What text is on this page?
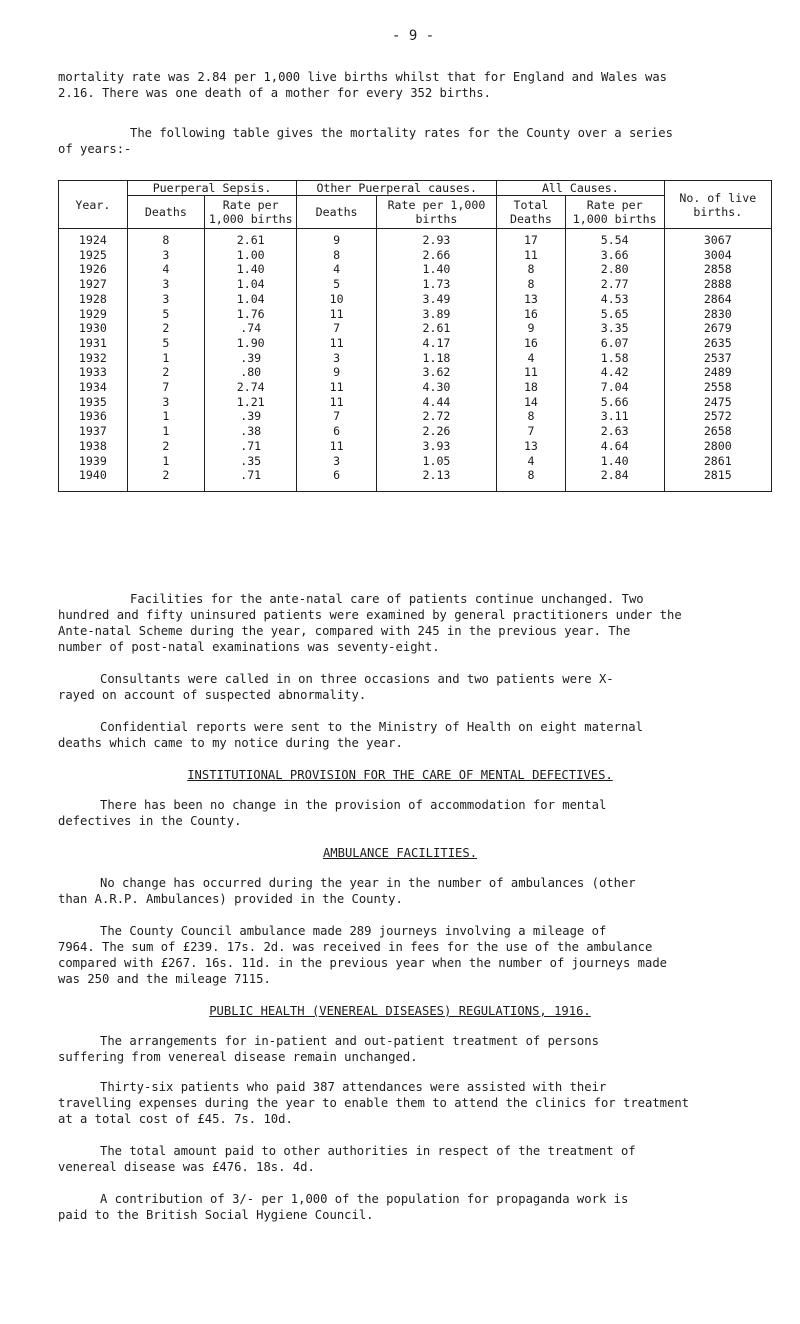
- 9 -

mortality rate was 2.84 per 1,000 live births whilst that for England and Wales was

2.16. There was one death of a mother for every 352 births.

The following table gives the mortality rates for the County over a series

of years:-

Year.	Puerperal Sepsis.		Other Puerperal causes.		All Causes.		No. of live births.
	Deaths	Rate per 1,000 births	Deaths	Rate per 1,000 births	Total Deaths	Rate per 1,000 births	
1924	8	2.61	9	2.93	17	5.54	3067
1925	3	1.00	8	2.66	11	3.66	3004
1926	4	1.40	4	1.40	8	2.80	2858
1927	3	1.04	5	1.73	8	2.77	2888
1928	3	1.04	10	3.49	13	4.53	2864
1929	5	1.76	11	3.89	16	5.65	2830
1930	2	.74	7	2.61	9	3.35	2679
1931	5	1.90	11	4.17	16	6.07	2635
1932	1	.39	3	1.18	4	1.58	2537
1933	2	.80	9	3.62	11	4.42	2489
1934	7	2.74	11	4.30	18	7.04	2558
1935	3	1.21	11	4.44	14	5.66	2475
1936	1	.39	7	2.72	8	3.11	2572
1937	1	.38	6	2.26	7	2.63	2658
1938	2	.71	11	3.93	13	4.64	2800
1939	1	.35	3	1.05	4	1.40	2861
1940	2	.71	6	2.13	8	2.84	2815

Facilities for the ante-natal care of patients continue unchanged. Two

hundred and fifty uninsured patients were examined by general practitioners under the

Ante-natal Scheme during the year, compared with 245 in the previous year. The

number of post-natal examinations was seventy-eight.

Consultants were called in on three occasions and two patients were X-

rayed on account of suspected abnormality.

Confidential reports were sent to the Ministry of Health on eight maternal

deaths which came to my notice during the year.

INSTITUTIONAL PROVISION FOR THE CARE OF MENTAL DEFECTIVES.

There has been no change in the provision of accommodation for mental

defectives in the County.

AMBULANCE FACILITIES.

No change has occurred during the year in the number of ambulances (other

than A.R.P. Ambulances) provided in the County.

The County Council ambulance made 289 journeys involving a mileage of

7964. The sum of £239. 17s. 2d. was received in fees for the use of the ambulance

compared with £267. 16s. 11d. in the previous year when the number of journeys made

was 250 and the mileage 7115.

PUBLIC HEALTH (VENEREAL DISEASES) REGULATIONS, 1916.

The arrangements for in-patient and out-patient treatment of persons

suffering from venereal disease remain unchanged.

Thirty-six patients who paid 387 attendances were assisted with their

travelling expenses during the year to enable them to attend the clinics for treatment

at a total cost of £45. 7s. 10d.

The total amount paid to other authorities in respect of the treatment of

venereal disease was £476. 18s. 4d.

A contribution of 3/- per 1,000 of the population for propaganda work is

paid to the British Social Hygiene Council.
